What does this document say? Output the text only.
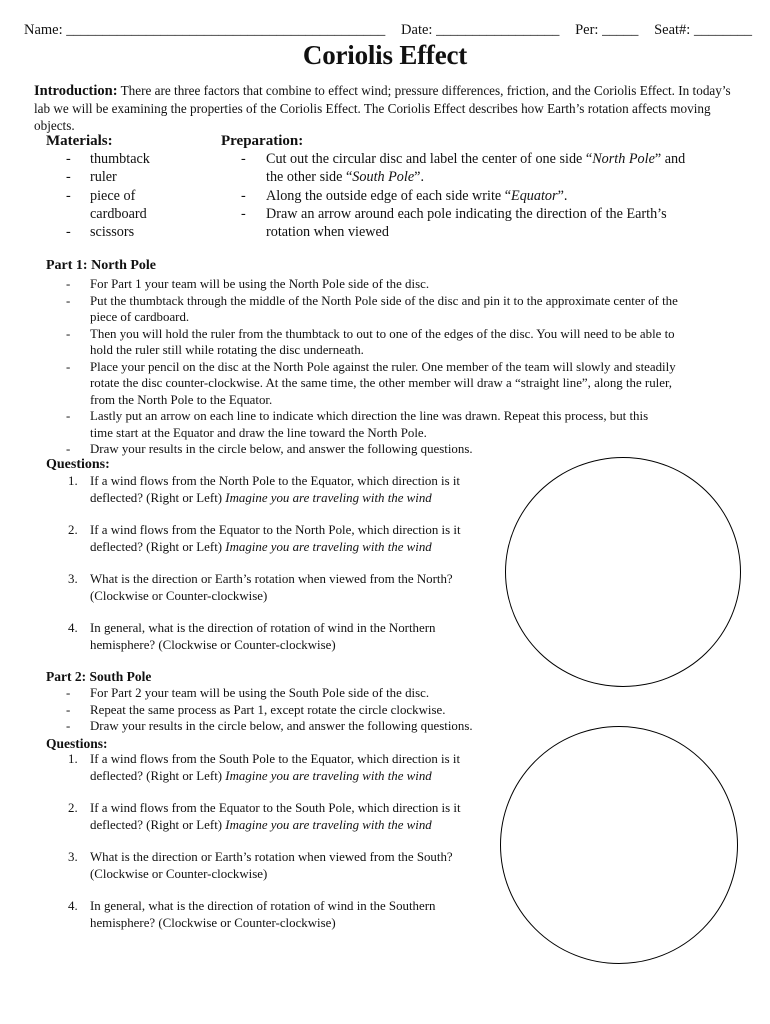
Name: ____________________________________________ Date: _________________ Per: _____ Seat#: ________
Coriolis Effect
Introduction: There are three factors that combine to effect wind; pressure differences, friction, and the Coriolis Effect. In today’s lab we will be examining the properties of the Coriolis Effect. The Coriolis Effect describes how Earth’s rotation affects moving objects.
Materials:
- thumbtack
- ruler
- piece of
cardboard
- scissors
Preparation:
- Cut out the circular disc and label the center of one side “North Pole” and
the other side “South Pole”.
- Along the outside edge of each side write “Equator”.
- Draw an arrow around each pole indicating the direction of the Earth’s
rotation when viewed
Part 1: North Pole
- For Part 1 your team will be using the North Pole side of the disc.
- Put the thumbtack through the middle of the North Pole side of the disc and pin it to the approximate center of the
piece of cardboard.
- Then you will hold the ruler from the thumbtack to out to one of the edges of the disc. You will need to be able to
hold the ruler still while rotating the disc underneath.
- Place your pencil on the disc at the North Pole against the ruler. One member of the team will slowly and steadily
rotate the disc counter-clockwise. At the same time, the other member will draw a “straight line”, along the ruler,
from the North Pole to the Equator.
- Lastly put an arrow on each line to indicate which direction the line was drawn. Repeat this process, but this
time start at the Equator and draw the line toward the North Pole.
- Draw your results in the circle below, and answer the following questions.
Questions:
1. If a wind flows from the North Pole to the Equator, which direction is it
deflected? (Right or Left) Imagine you are traveling with the wind
2. If a wind flows from the Equator to the North Pole, which direction is it
deflected? (Right or Left) Imagine you are traveling with the wind
3. What is the direction or Earth’s rotation when viewed from the North?
(Clockwise or Counter-clockwise)
4. In general, what is the direction of rotation of wind in the Northern
hemisphere? (Clockwise or Counter-clockwise)
Part 2: South Pole
- For Part 2 your team will be using the South Pole side of the disc.
- Repeat the same process as Part 1, except rotate the circle clockwise.
- Draw your results in the circle below, and answer the following questions.
Questions:
1. If a wind flows from the South Pole to the Equator, which direction is it
deflected? (Right or Left) Imagine you are traveling with the wind
2. If a wind flows from the Equator to the South Pole, which direction is it
deflected? (Right or Left) Imagine you are traveling with the wind
3. What is the direction or Earth’s rotation when viewed from the South?
(Clockwise or Counter-clockwise)
4. In general, what is the direction of rotation of wind in the Southern
hemisphere? (Clockwise or Counter-clockwise)
